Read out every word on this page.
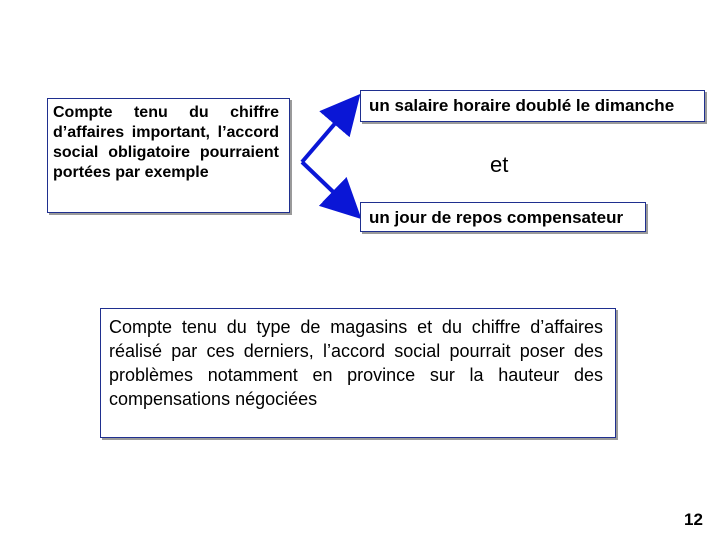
Compte tenu du chiffre d’affaires important, l’accord social obligatoire pourraient portées par exemple
un salaire horaire doublé le dimanche
et
un jour de repos compensateur
Compte tenu du type de magasins et du chiffre d’affaires réalisé par ces derniers, l’accord social pourrait poser des problèmes notamment en province sur la hauteur des compensations négociées
12
